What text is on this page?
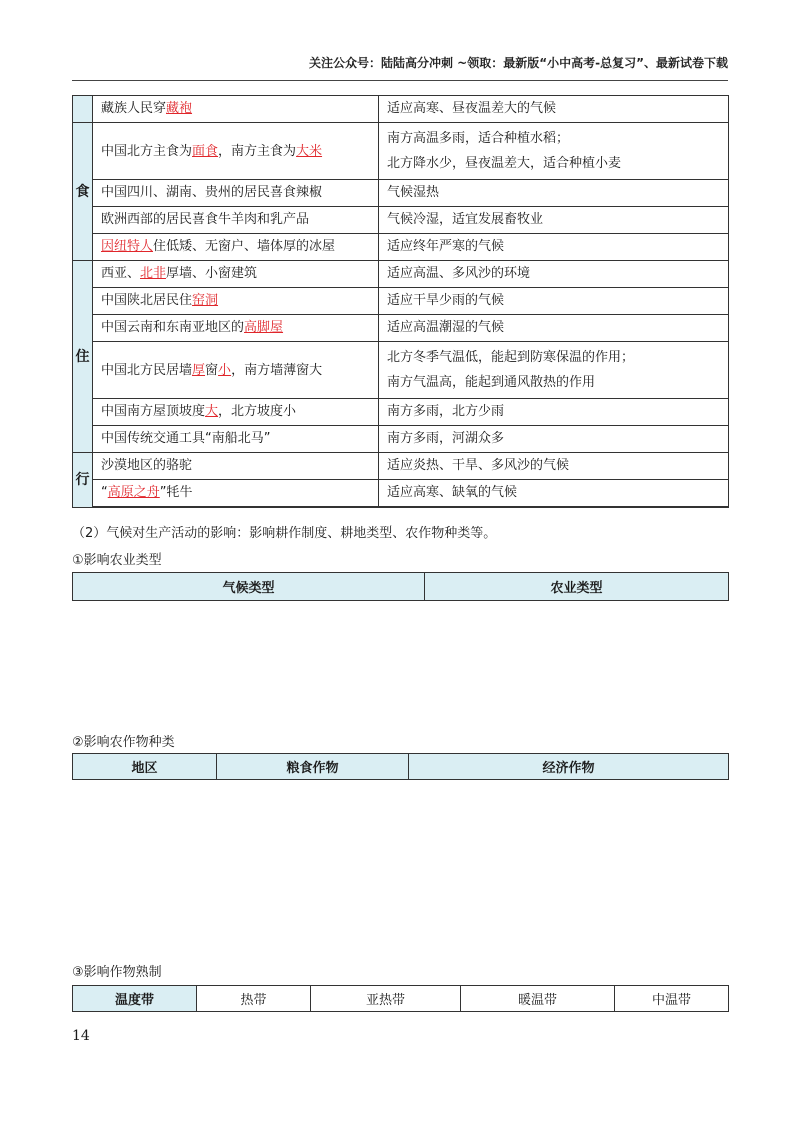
关注公众号：陆陆高分冲刺 ~领取：最新版“小中高考-总复习”、最新试卷下载
	藏族人民穿藏袍	适应高寒、昼夜温差大的气候

食	中国北方主食为面食，南方主食为大米	南方高温多雨，适合种植水稻；
北方降水少，昼夜温差大，适合种植小麦

	中国四川、湖南、贵州的居民喜食辣椒	气候湿热

	欧洲西部的居民喜食牛羊肉和乳产品	气候冷湿，适宜发展畜牧业

	因纽特人住低矮、无窗户、墙体厚的冰屋	适应终年严寒的气候

住	西亚、北非厚墙、小窗建筑	适应高温、多风沙的环境

	中国陕北居民住窑洞	适应干旱少雨的气候

	中国云南和东南亚地区的高脚屋	适应高温潮湿的气候

	中国北方民居墙厚窗小，南方墙薄窗大	北方冬季气温低，能起到防寒保温的作用；
南方气温高，能起到通风散热的作用

	中国南方屋顶坡度大，北方坡度小	南方多雨，北方少雨

	中国传统交通工具“南船北马”	南方多雨，河湖众多

行	沙漠地区的骆驼	适应炎热、干旱、多风沙的气候

	“高原之舟”牦牛	适应高寒、缺氧的气候

（2）气候对生产活动的影响：影响耕作制度、耕地类型、农作物种类等。
①影响农业类型
气候类型	农业类型
②影响农作物种类
地区	粮食作物	经济作物
③影响作物熟制
温度带	热带	亚热带	暖温带	中温带
14
